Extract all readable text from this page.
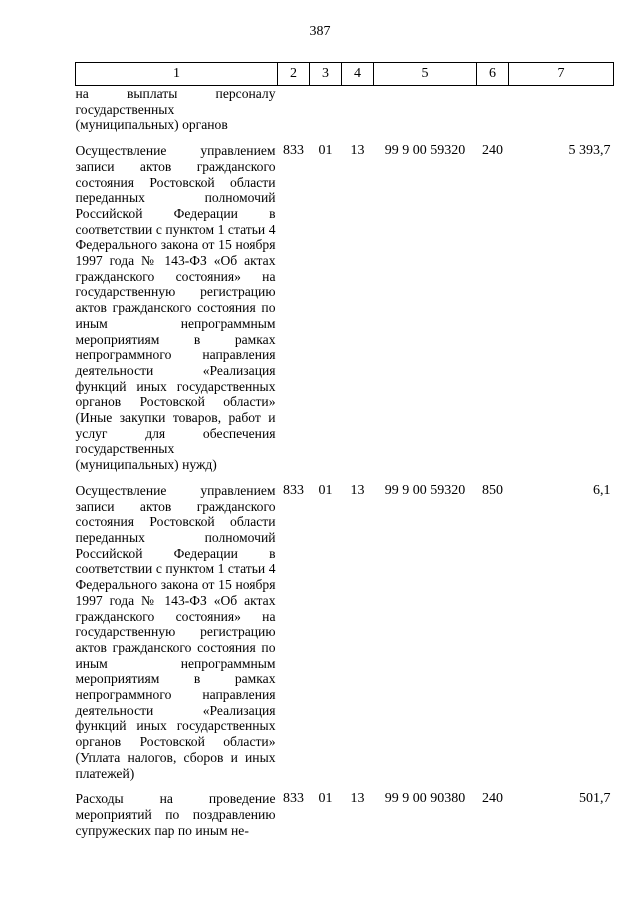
387
1	2	3	4	5	6	7
на выплаты персоналу государственных (муниципальных) органов						

Осуществление управлением записи актов гражданского состояния Ростовской области переданных полномочий Российской Федерации в соответствии с пунктом 1 статьи 4 Федерального закона от 15 ноября 1997 года № 143-ФЗ «Об актах гражданского состояния» на государственную регистрацию актов гражданского состояния по иным непрограммным мероприятиям в рамках непрограммного направления деятельности «Реализация функций иных государственных органов Ростовской области» (Иные закупки товаров, работ и услуг для обеспечения государственных (муниципальных) нужд)	833	01	13	99 9 00 59320	240	5 393,7

Осуществление управлением записи актов гражданского состояния Ростовской области переданных полномочий Российской Федерации в соответствии с пунктом 1 статьи 4 Федерального закона от 15 ноября 1997 года № 143-ФЗ «Об актах гражданского состояния» на государственную регистрацию актов гражданского состояния по иным непрограммным мероприятиям в рамках непрограммного направления деятельности «Реализация функций иных государственных органов Ростовской области» (Уплата налогов, сборов и иных платежей)	833	01	13	99 9 00 59320	850	6,1

Расходы на проведение мероприятий по поздравлению супружеских пар по иным не-	833	01	13	99 9 00 90380	240	501,7
